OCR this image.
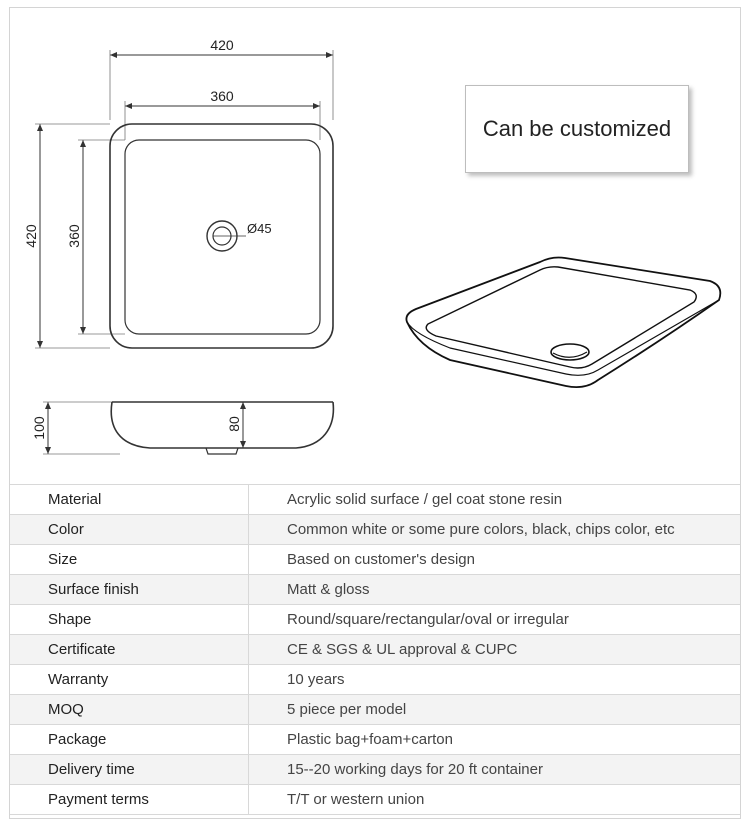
420
360
420 360	Ø45
100	80
Can be customized
Material	Acrylic solid surface / gel coat stone resin
Color	Common white or some pure colors, black, chips color, etc
Size	Based on customer's design
Surface finish	Matt & gloss
Shape	Round/square/rectangular/oval or irregular
Certificate	CE & SGS & UL approval & CUPC
Warranty	10 years
MOQ	5 piece per model
Package	Plastic bag+foam+carton
Delivery time	15--20 working days for 20 ft container
Payment terms	T/T or western union
